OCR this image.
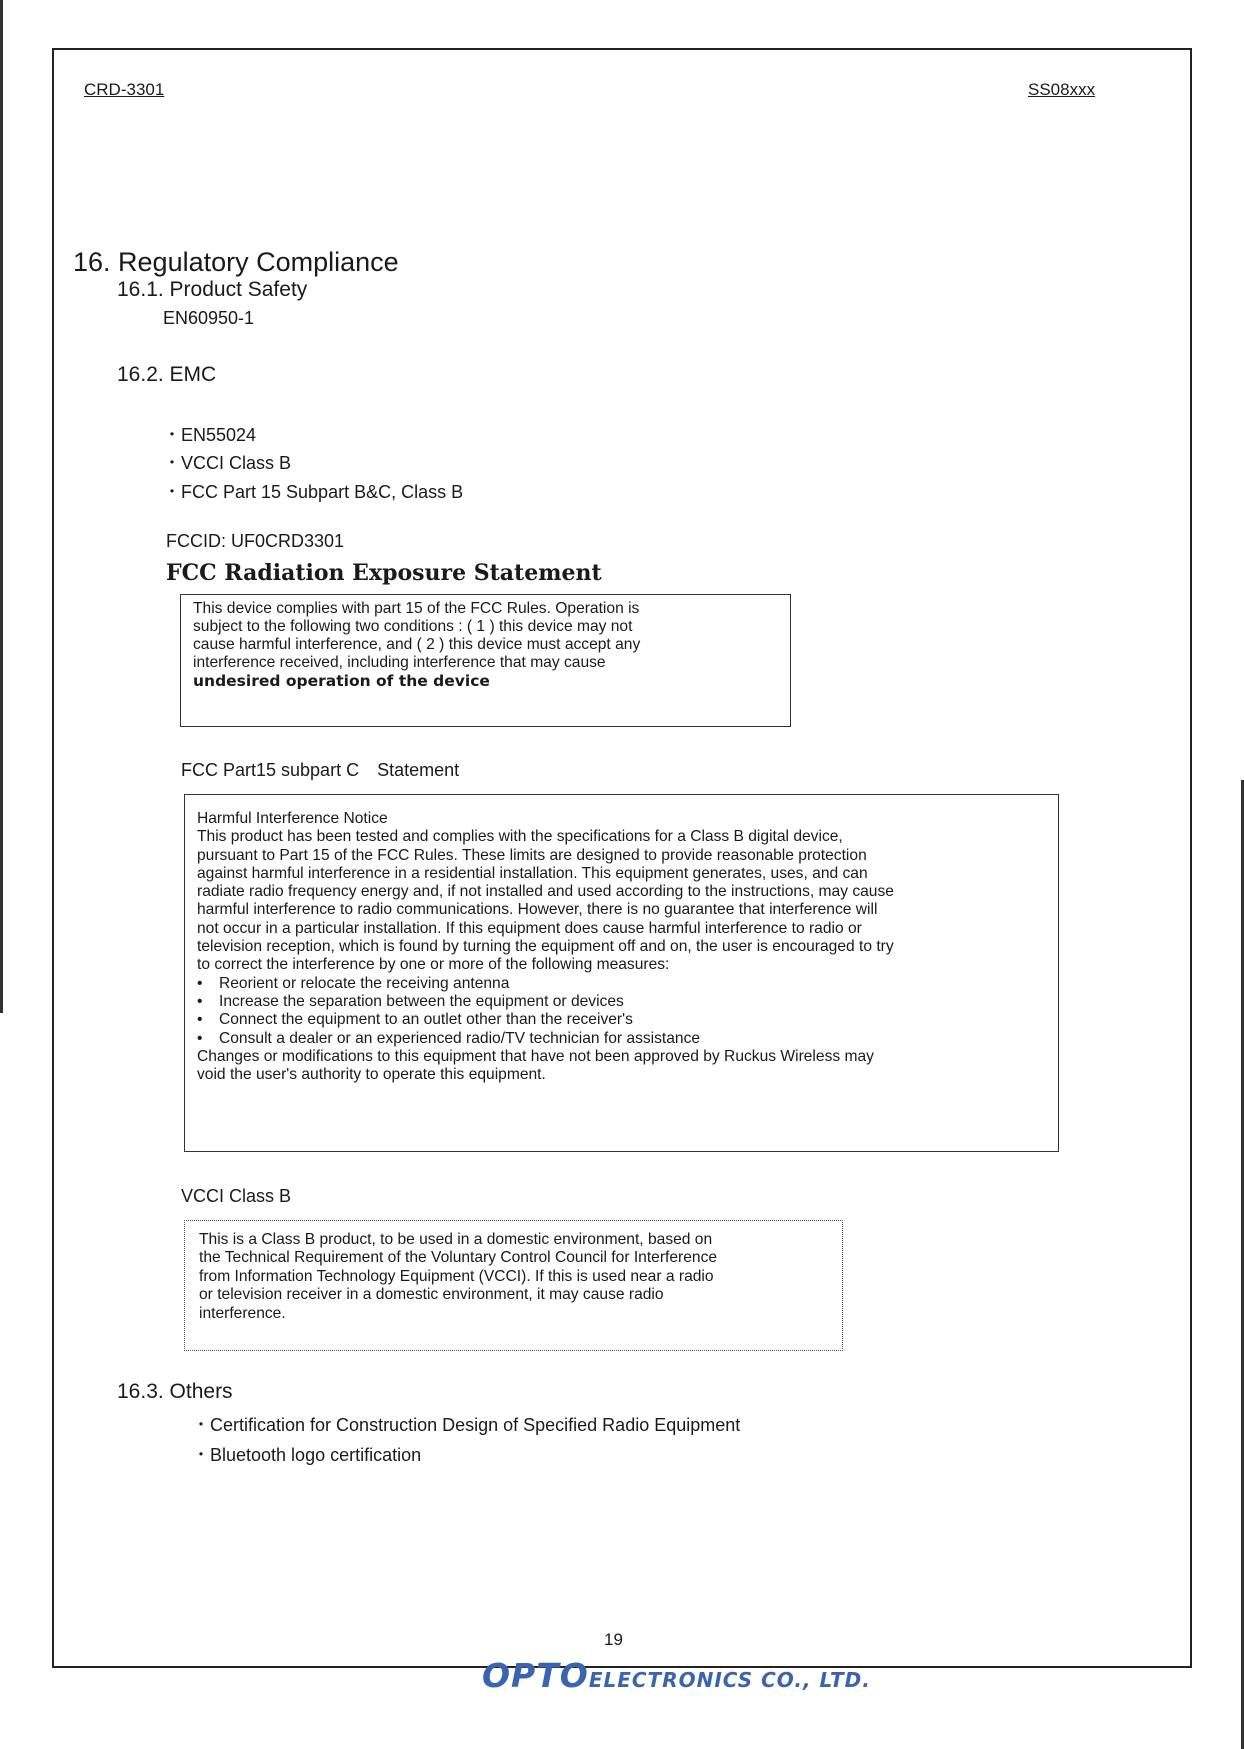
CRD-3301	SS08xxx
16. Regulatory Compliance
16.1. Product Safety
EN60950-1
16.2. EMC
・EN55024
・VCCI Class B
・FCC Part 15 Subpart B&C, Class B
FCCID: UF0CRD3301
FCC Radiation Exposure Statement

This device complies with part 15 of the FCC Rules. Operation is

subject to the following two conditions : ( 1 ) this device may not

cause harmful interference, and ( 2 ) this device must accept any

interference received, including interference that may cause

undesired operation of the device

FCC Part15 subpart C　Statement

Harmful Interference Notice

This product has been tested and complies with the specifications for a Class B digital device,

pursuant to Part 15 of the FCC Rules. These limits are designed to provide reasonable protection

against harmful interference in a residential installation. This equipment generates, uses, and can

radiate radio frequency energy and, if not installed and used according to the instructions, may cause

harmful interference to radio communications. However, there is no guarantee that interference will

not occur in a particular installation. If this equipment does cause harmful interference to radio or

television reception, which is found by turning the equipment off and on, the user is encouraged to try

to correct the interference by one or more of the following measures:

•	Reorient or relocate the receiving antenna
•	Increase the separation between the equipment or devices
•	Connect the equipment to an outlet other than the receiver's
•	Consult a dealer or an experienced radio/TV technician for assistance

Changes or modifications to this equipment that have not been approved by Ruckus Wireless may

void the user's authority to operate this equipment.

VCCI Class B

This is a Class B product, to be used in a domestic environment, based on

the Technical Requirement of the Voluntary Control Council for Interference

from Information Technology Equipment (VCCI). If this is used near a radio

or television receiver in a domestic environment, it may cause radio

interference.

16.3. Others
・Certification for Construction Design of Specified Radio Equipment
・Bluetooth logo certification
19
OPTOELECTRONICS CO., LTD.
